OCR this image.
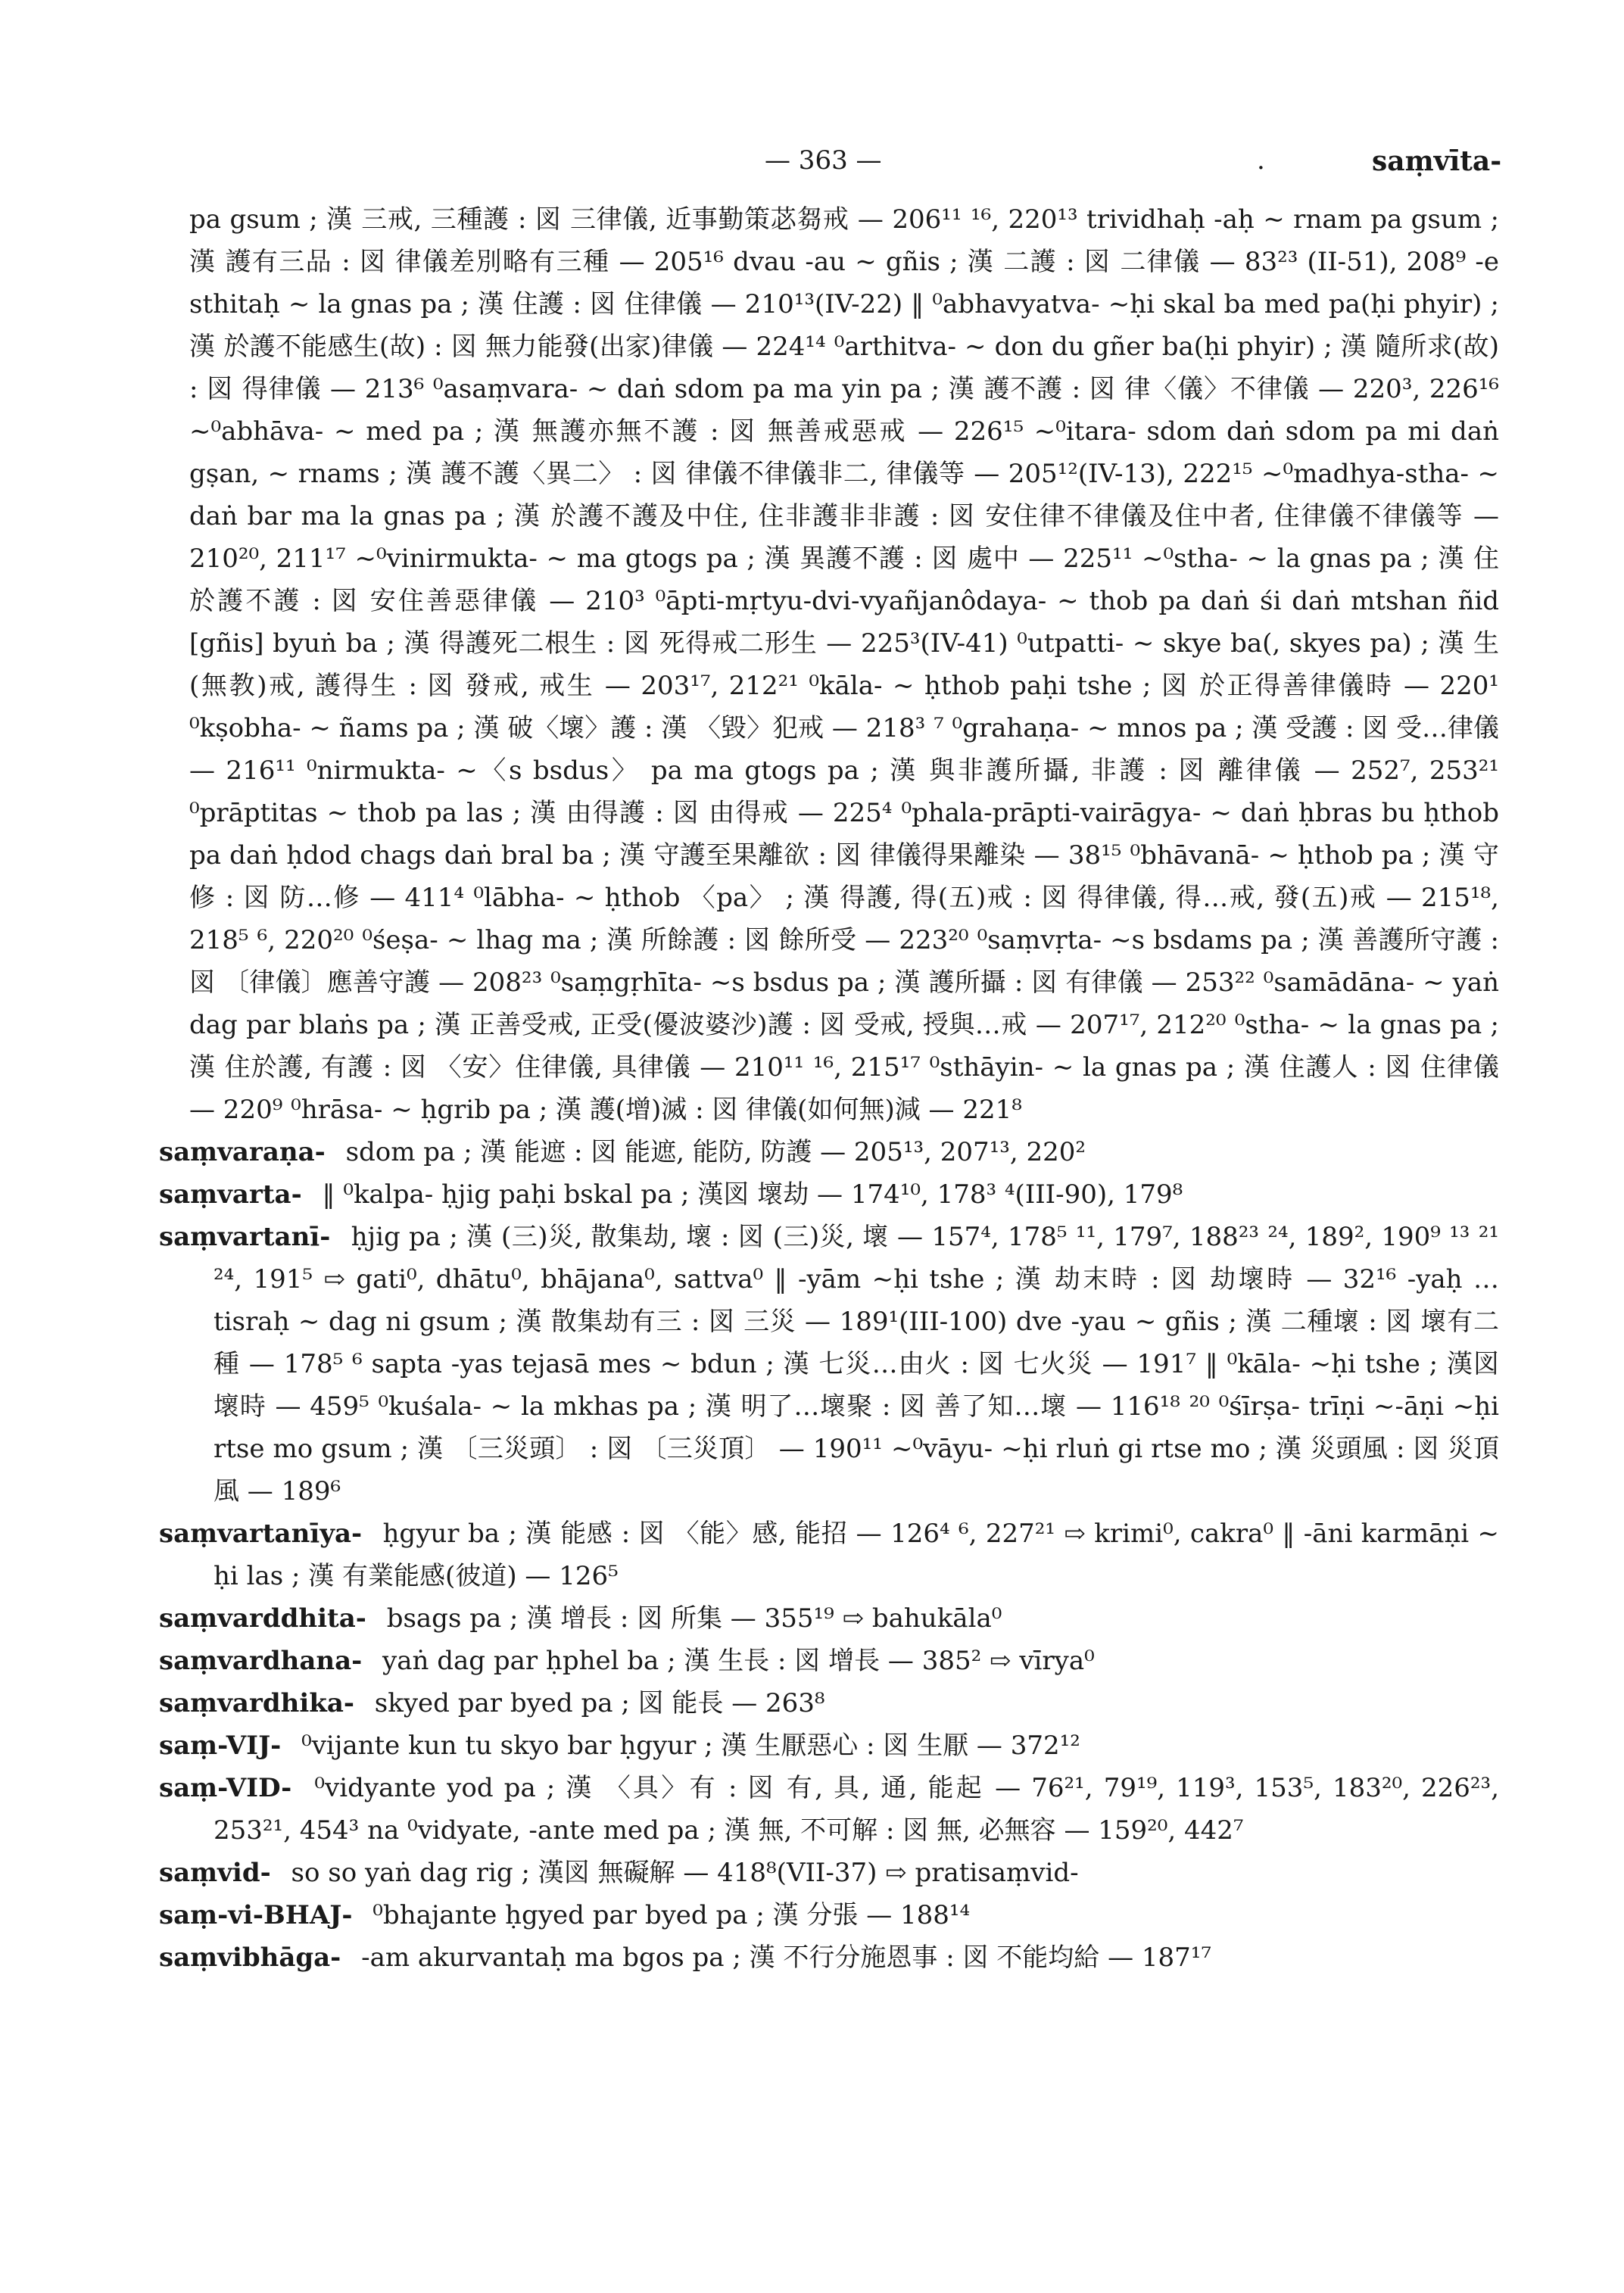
— 363 —	.	saṃvīta-

pa gsum ; 漢 三戒, 三種護 : 図 三律儀, 近事勤策苾芻戒 — 206¹¹ ¹⁶, 220¹³ trividhaḥ -aḥ ∼ rnam pa gsum ; 漢 護有三品 : 図 律儀差別略有三種 — 205¹⁶ dvau -au ∼ gñis ; 漢 二護 : 図 二律儀 — 83²³ (II-51), 208⁹ -e sthitaḥ ∼ la gnas pa ; 漢 住護 : 図 住律儀 — 210¹³(IV-22) ‖ ⁰abhavyatva- ∼ḥi skal ba med pa(ḥi phyir) ; 漢 於護不能感生(故) : 図 無力能發(出家)律儀 — 224¹⁴ ⁰arthitva- ∼ don du gñer ba(ḥi phyir) ; 漢 隨所求(故) : 図 得律儀 — 213⁶ ⁰asaṃvara- ∼ daṅ sdom pa ma yin pa ; 漢 護不護 : 図 律〈儀〉不律儀 — 220³, 226¹⁶ ∼⁰abhāva- ∼ med pa ; 漢 無護亦無不護 : 図 無善戒惡戒 — 226¹⁵ ∼⁰itara- sdom daṅ sdom pa mi daṅ gṣan, ∼ rnams ; 漢 護不護〈異二〉 : 図 律儀不律儀非二, 律儀等 — 205¹²(IV-13), 222¹⁵ ∼⁰madhya-stha- ∼ daṅ bar ma la gnas pa ; 漢 於護不護及中住, 住非護非非護 : 図 安住律不律儀及住中者, 住律儀不律儀等 — 210²⁰, 211¹⁷ ∼⁰vinirmukta- ∼ ma gtogs pa ; 漢 異護不護 : 図 處中 — 225¹¹ ∼⁰stha- ∼ la gnas pa ; 漢 住於護不護 : 図 安住善惡律儀 — 210³ ⁰āpti-mṛtyu-dvi-vyañjanôdaya- ∼ thob pa daṅ śi daṅ mtshan ñid [gñis] byuṅ ba ; 漢 得護死二根生 : 図 死得戒二形生 — 225³(IV-41) ⁰utpatti- ∼ skye ba(, skyes pa) ; 漢 生(無教)戒, 護得生 : 図 發戒, 戒生 — 203¹⁷, 212²¹ ⁰kāla- ∼ ḥthob paḥi tshe ; 図 於正得善律儀時 — 220¹ ⁰kṣobha- ∼ ñams pa ; 漢 破〈壞〉護 : 漢 〈毀〉犯戒 — 218³ ⁷ ⁰grahaṇa- ∼ mnos pa ; 漢 受護 : 図 受…律儀 — 216¹¹ ⁰nirmukta- ∼〈s bsdus〉 pa ma gtogs pa ; 漢 與非護所攝, 非護 : 図 離律儀 — 252⁷, 253²¹ ⁰prāptitas ∼ thob pa las ; 漢 由得護 : 図 由得戒 — 225⁴ ⁰phala-prāpti-vairāgya- ∼ daṅ ḥbras bu ḥthob pa daṅ ḥdod chags daṅ bral ba ; 漢 守護至果離欲 : 図 律儀得果離染 — 38¹⁵ ⁰bhāvanā- ∼ ḥthob pa ; 漢 守修 : 図 防…修 — 411⁴ ⁰lābha- ∼ ḥthob 〈pa〉 ; 漢 得護, 得(五)戒 : 図 得律儀, 得…戒, 發(五)戒 — 215¹⁸, 218⁵ ⁶, 220²⁰ ⁰śeṣa- ∼ lhag ma ; 漢 所餘護 : 図 餘所受 — 223²⁰ ⁰saṃvṛta- ∼s bsdams pa ; 漢 善護所守護 : 図 〔律儀〕應善守護 — 208²³ ⁰saṃgṛhīta- ∼s bsdus pa ; 漢 護所攝 : 図 有律儀 — 253²² ⁰samādāna- ∼ yaṅ dag par blaṅs pa ; 漢 正善受戒, 正受(優波婆沙)護 : 図 受戒, 授與…戒 — 207¹⁷, 212²⁰ ⁰stha- ∼ la gnas pa ; 漢 住於護, 有護 : 図 〈安〉住律儀, 具律儀 — 210¹¹ ¹⁶, 215¹⁷ ⁰sthāyin- ∼ la gnas pa ; 漢 住護人 : 図 住律儀 — 220⁹ ⁰hrāsa- ∼ ḥgrib pa ; 漢 護(增)滅 : 図 律儀(如何無)減 — 221⁸

saṃvaraṇa- sdom pa ; 漢 能遮 : 図 能遮, 能防, 防護 — 205¹³, 207¹³, 220²

saṃvarta- ‖ ⁰kalpa- ḥjig paḥi bskal pa ; 漢図 壞劫 — 174¹⁰, 178³ ⁴(III-90), 179⁸

saṃvartanī- ḥjig pa ; 漢 (三)災, 散集劫, 壞 : 図 (三)災, 壞 — 157⁴, 178⁵ ¹¹, 179⁷, 188²³ ²⁴, 189², 190⁹ ¹³ ²¹ ²⁴, 191⁵ ⇨ gati⁰, dhātu⁰, bhājana⁰, sattva⁰ ‖ -yām ∼ḥi tshe ; 漢 劫末時 : 図 劫壞時 — 32¹⁶ -yaḥ … tisraḥ ∼ dag ni gsum ; 漢 散集劫有三 : 図 三災 — 189¹(III-100) dve -yau ∼ gñis ; 漢 二種壞 : 図 壞有二種 — 178⁵ ⁶ sapta -yas tejasā mes ∼ bdun ; 漢 七災…由火 : 図 七火災 — 191⁷ ‖ ⁰kāla- ∼ḥi tshe ; 漢図 壞時 — 459⁵ ⁰kuśala- ∼ la mkhas pa ; 漢 明了…壞聚 : 図 善了知…壞 — 116¹⁸ ²⁰ ⁰śīrṣa- trīṇi ∼-āṇi ∼ḥi rtse mo gsum ; 漢 〔三災頭〕 : 図 〔三災頂〕 — 190¹¹ ∼⁰vāyu- ∼ḥi rluṅ gi rtse mo ; 漢 災頭風 : 図 災頂風 — 189⁶

saṃvartanīya- ḥgyur ba ; 漢 能感 : 図 〈能〉感, 能招 — 126⁴ ⁶, 227²¹ ⇨ krimi⁰, cakra⁰ ‖ -āni karmāṇi ∼ ḥi las ; 漢 有業能感(彼道) — 126⁵

saṃvarddhita- bsags pa ; 漢 增長 : 図 所集 — 355¹⁹ ⇨ bahukāla⁰

saṃvardhana- yaṅ dag par ḥphel ba ; 漢 生長 : 図 增長 — 385² ⇨ vīrya⁰

saṃvardhika- skyed par byed pa ; 図 能長 — 263⁸

saṃ-VIJ- ⁰vijante kun tu skyo bar ḥgyur ; 漢 生厭惡心 : 図 生厭 — 372¹²

saṃ-VID- ⁰vidyante yod pa ; 漢 〈具〉有 : 図 有, 具, 通, 能起 — 76²¹, 79¹⁹, 119³, 153⁵, 183²⁰, 226²³, 253²¹, 454³ na ⁰vidyate, -ante med pa ; 漢 無, 不可解 : 図 無, 必無容 — 159²⁰, 442⁷

saṃvid- so so yaṅ dag rig ; 漢図 無礙解 — 418⁸(VII-37) ⇨ pratisaṃvid-

saṃ-vi-BHAJ- ⁰bhajante ḥgyed par byed pa ; 漢 分張 — 188¹⁴

saṃvibhāga- -am akurvantaḥ ma bgos pa ; 漢 不行分施恩事 : 図 不能均給 — 187¹⁷
